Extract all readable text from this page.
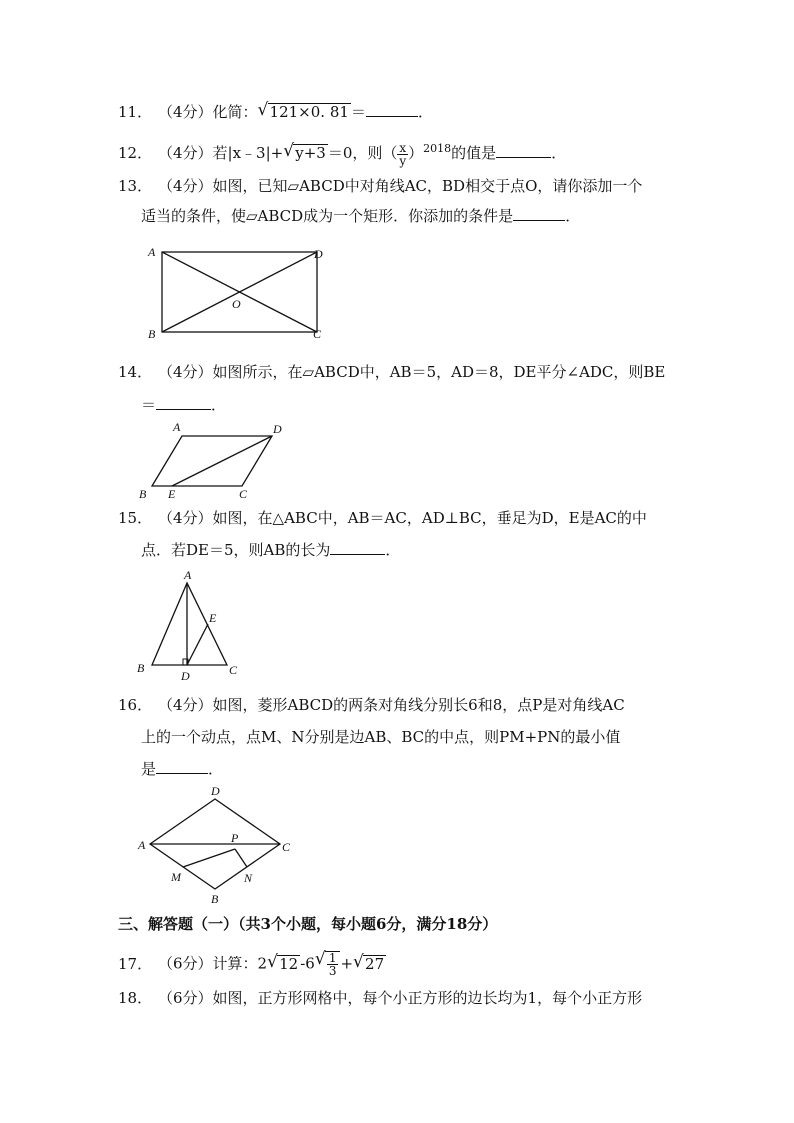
11． （4分）化简： √ 121×0. 81 ＝	．
12． （4分）若|x﹣3|+ √ y+3 ＝0，则（ $\frac{x}{y} )^{2018}$的值是	．
13． （4分）如图，已知▱ABCD中对角线AC，BD相交于点O，请你添加一个
适当的条件，使▱ABCD成为一个矩形．你添加的条件是	．
A	D
B	C
O
14． （4分）如图所示，在▱ABCD中，AB＝5，AD＝8，DE平分∠ADC，则BE
＝	．
A	D
B E	C
15． （4分）如图，在△ABC中，AB＝AC，AD⊥BC，垂足为D，E是AC的中
点．若DE＝5，则AB的长为	．
A
E
B	C
D
16． （4分）如图，菱形ABCD的两条对角线分别长6和8，点P是对角线AC
上的一个动点，点M、N分别是边AB、BC的中点，则PM+PN的最小值
是	．
D
A	C
P
M	N
B
三、解答题（一）（共3个小题，每小题6分，满分18分）
17． （6分）计算：2 √ 12 -6 √ $\frac{1}{3}$ + √ 27
18． （6分）如图，正方形网格中，每个小正方形的边长均为1，每个小正方形
